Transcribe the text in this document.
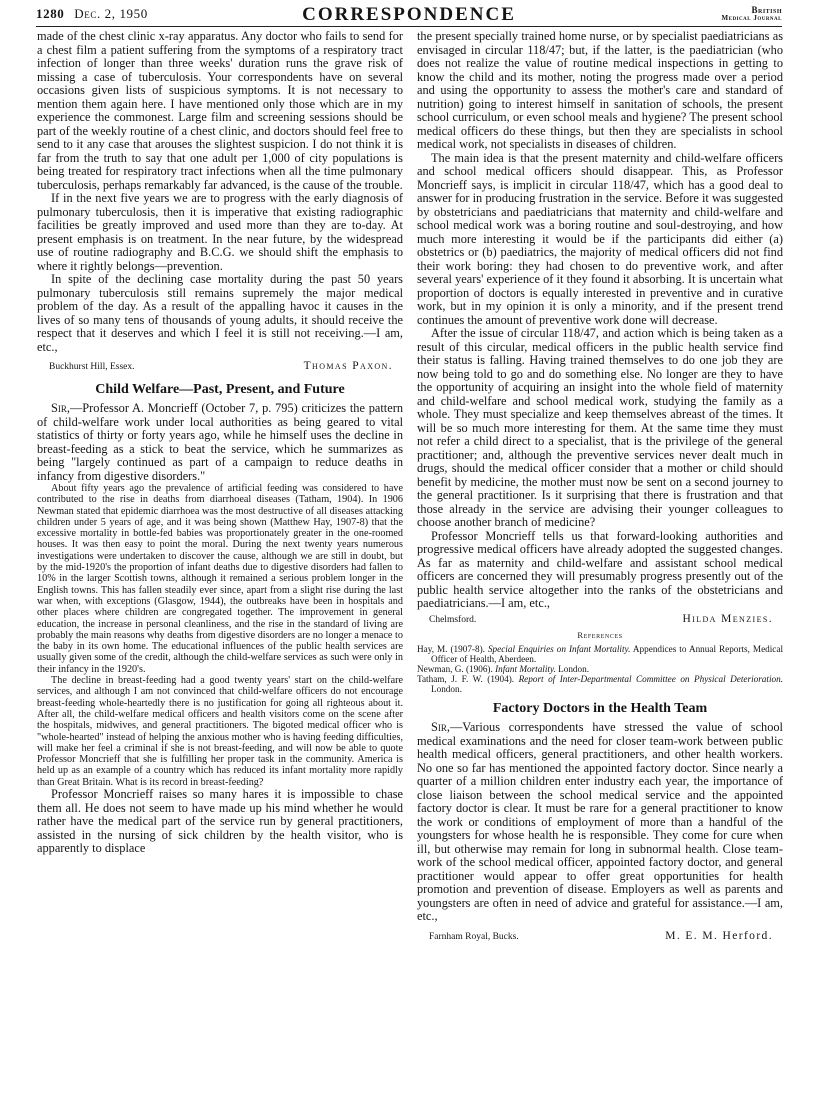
1280 Dec. 2, 1950	CORRESPONDENCE	British
Medical Journal

made of the chest clinic x-ray apparatus. Any doctor who fails to send for a chest film a patient suffering from the symptoms of a respiratory tract infection of longer than three weeks' duration runs the grave risk of missing a case of tuberculosis. Your correspondents have on several occasions given lists of suspicious symptoms. It is not necessary to mention them again here. I have mentioned only those which are in my experience the commonest. Large film and screening sessions should be part of the weekly routine of a chest clinic, and doctors should feel free to send to it any case that arouses the slightest suspicion. I do not think it is far from the truth to say that one adult per 1,000 of city populations is being treated for respiratory tract infections when all the time pulmonary tuberculosis, perhaps remarkably far advanced, is the cause of the trouble.

If in the next five years we are to progress with the early diagnosis of pulmonary tuberculosis, then it is imperative that existing radiographic facilities be greatly improved and used more than they are to-day. At present emphasis is on treatment. In the near future, by the widespread use of routine radiography and B.C.G. we should shift the emphasis to where it rightly belongs—prevention.

In spite of the declining case mortality during the past 50 years pulmonary tuberculosis still remains supremely the major medical problem of the day. As a result of the appalling havoc it causes in the lives of so many tens of thousands of young adults, it should receive the respect that it deserves and which I feel it is still not receiving.—I am, etc.,

Buckhurst Hill, Essex.	Thomas Paxon.
Child Welfare—Past, Present, and Future

Sir,—Professor A. Moncrieff (October 7, p. 795) criticizes the pattern of child-welfare work under local authorities as being geared to vital statistics of thirty or forty years ago, while he himself uses the decline in breast-feeding as a stick to beat the service, which he summarizes as being "largely continued as part of a campaign to reduce deaths in infancy from digestive disorders."

About fifty years ago the prevalence of artificial feeding was considered to have contributed to the rise in deaths from diarrhoeal diseases (Tatham, 1904). In 1906 Newman stated that epidemic diarrhoea was the most destructive of all diseases attacking children under 5 years of age, and it was being shown (Matthew Hay, 1907-8) that the excessive mortality in bottle-fed babies was proportionately greater in the one-roomed houses. It was then easy to point the moral. During the next twenty years numerous investigations were undertaken to discover the cause, although we are still in doubt, but by the mid-1920's the proportion of infant deaths due to digestive disorders had fallen to 10% in the larger Scottish towns, although it remained a serious problem longer in the English towns. This has fallen steadily ever since, apart from a slight rise during the last war when, with exceptions (Glasgow, 1944), the outbreaks have been in hospitals and other places where children are congregated together. The improvement in general education, the increase in personal cleanliness, and the rise in the standard of living are probably the main reasons why deaths from digestive disorders are no longer a menace to the baby in its own home. The educational influences of the public health services are usually given some of the credit, although the child-welfare services as such were only in their infancy in the 1920's.

The decline in breast-feeding had a good twenty years' start on the child-welfare services, and although I am not convinced that child-welfare officers do not encourage breast-feeding whole-heartedly there is no justification for going all righteous about it. After all, the child-welfare medical officers and health visitors come on the scene after the hospitals, midwives, and general practitioners. The bigoted medical officer who is "whole-hearted" instead of helping the anxious mother who is having feeding difficulties, will make her feel a criminal if she is not breast-feeding, and will now be able to quote Professor Moncrieff that she is fulfilling her proper task in the community. America is held up as an example of a country which has reduced its infant mortality more rapidly than Great Britain. What is its record in breast-feeding?

Professor Moncrieff raises so many hares it is impossible to chase them all. He does not seem to have made up his mind whether he would rather have the medical part of the service run by general practitioners, assisted in the nursing of sick children by the health visitor, who is apparently to displace

the present specially trained home nurse, or by specialist paediatricians as envisaged in circular 118/47; but, if the latter, is the paediatrician (who does not realize the value of routine medical inspections in getting to know the child and its mother, noting the progress made over a period and using the opportunity to assess the mother's care and standard of nutrition) going to interest himself in sanitation of schools, the present school curriculum, or even school meals and hygiene? The present school medical officers do these things, but then they are specialists in school medical work, not specialists in diseases of children.

The main idea is that the present maternity and child-welfare officers and school medical officers should disappear. This, as Professor Moncrieff says, is implicit in circular 118/47, which has a good deal to answer for in producing frustration in the service. Before it was suggested by obstetricians and paediatricians that maternity and child-welfare and school medical work was a boring routine and soul-destroying, and how much more interesting it would be if the participants did either (a) obstetrics or (b) paediatrics, the majority of medical officers did not find their work boring: they had chosen to do preventive work, and after several years' experience of it they found it absorbing. It is uncertain what proportion of doctors is equally interested in preventive and in curative work, but in my opinion it is only a minority, and if the present trend continues the amount of preventive work done will decrease.

After the issue of circular 118/47, and action which is being taken as a result of this circular, medical officers in the public health service find their status is falling. Having trained themselves to do one job they are now being told to go and do something else. No longer are they to have the opportunity of acquiring an insight into the whole field of maternity and child-welfare and school medical work, studying the family as a whole. They must specialize and keep themselves abreast of the times. It will be so much more interesting for them. At the same time they must not refer a child direct to a specialist, that is the privilege of the general practitioner; and, although the preventive services never dealt much in drugs, should the medical officer consider that a mother or child should benefit by medicine, the mother must now be sent on a second journey to the general practitioner. Is it surprising that there is frustration and that those already in the service are advising their younger colleagues to choose another branch of medicine?

Professor Moncrieff tells us that forward-looking authorities and progressive medical officers have already adopted the suggested changes. As far as maternity and child-welfare and assistant school medical officers are concerned they will presumably progress presently out of the public health service altogether into the ranks of the obstetricians and paediatricians.—I am, etc.,

Chelmsford.	Hilda Menzies.
References

Hay, M. (1907-8). Special Enquiries on Infant Mortality. Appendices to Annual Reports, Medical Officer of Health, Aberdeen.

Newman, G. (1906). Infant Mortality. London.

Tatham, J. F. W. (1904). Report of Inter-Departmental Committee on Physical Deterioration. London.

Factory Doctors in the Health Team

Sir,—Various correspondents have stressed the value of school medical examinations and the need for closer team-work between public health medical officers, general practitioners, and other health workers. No one so far has mentioned the appointed factory doctor. Since nearly a quarter of a million children enter industry each year, the importance of close liaison between the school medical service and the appointed factory doctor is clear. It must be rare for a general practitioner to know the work or conditions of employment of more than a handful of the youngsters for whose health he is responsible. They come for cure when ill, but otherwise may remain for long in subnormal health. Close team-work of the school medical officer, appointed factory doctor, and general practitioner would appear to offer great opportunities for health promotion and prevention of disease. Employers as well as parents and youngsters are often in need of advice and grateful for assistance.—I am, etc.,

Farnham Royal, Bucks.	M. E. M. Herford.
